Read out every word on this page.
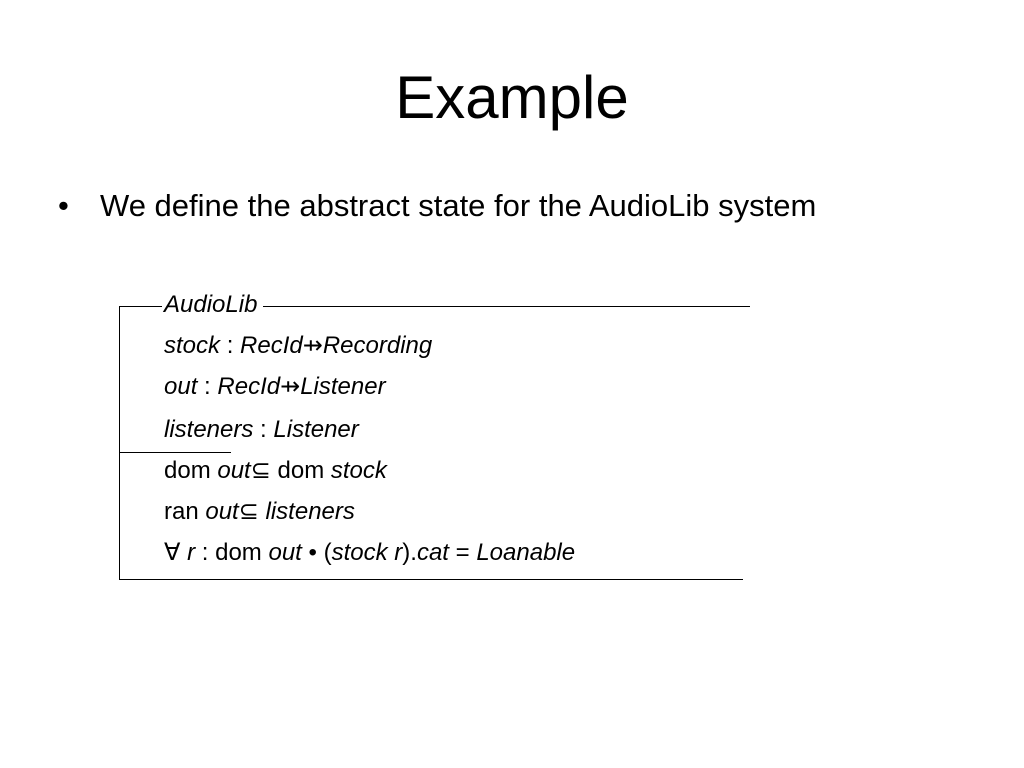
Example
• We define the abstract state for the AudioLib system
AudioLib
stock : RecId⇸Recording
out : RecId⇸Listener
listeners : Listener
dom out⊆ dom stock
ran out⊆ listeners
∀ r : dom out • (stock r).cat = Loanable
